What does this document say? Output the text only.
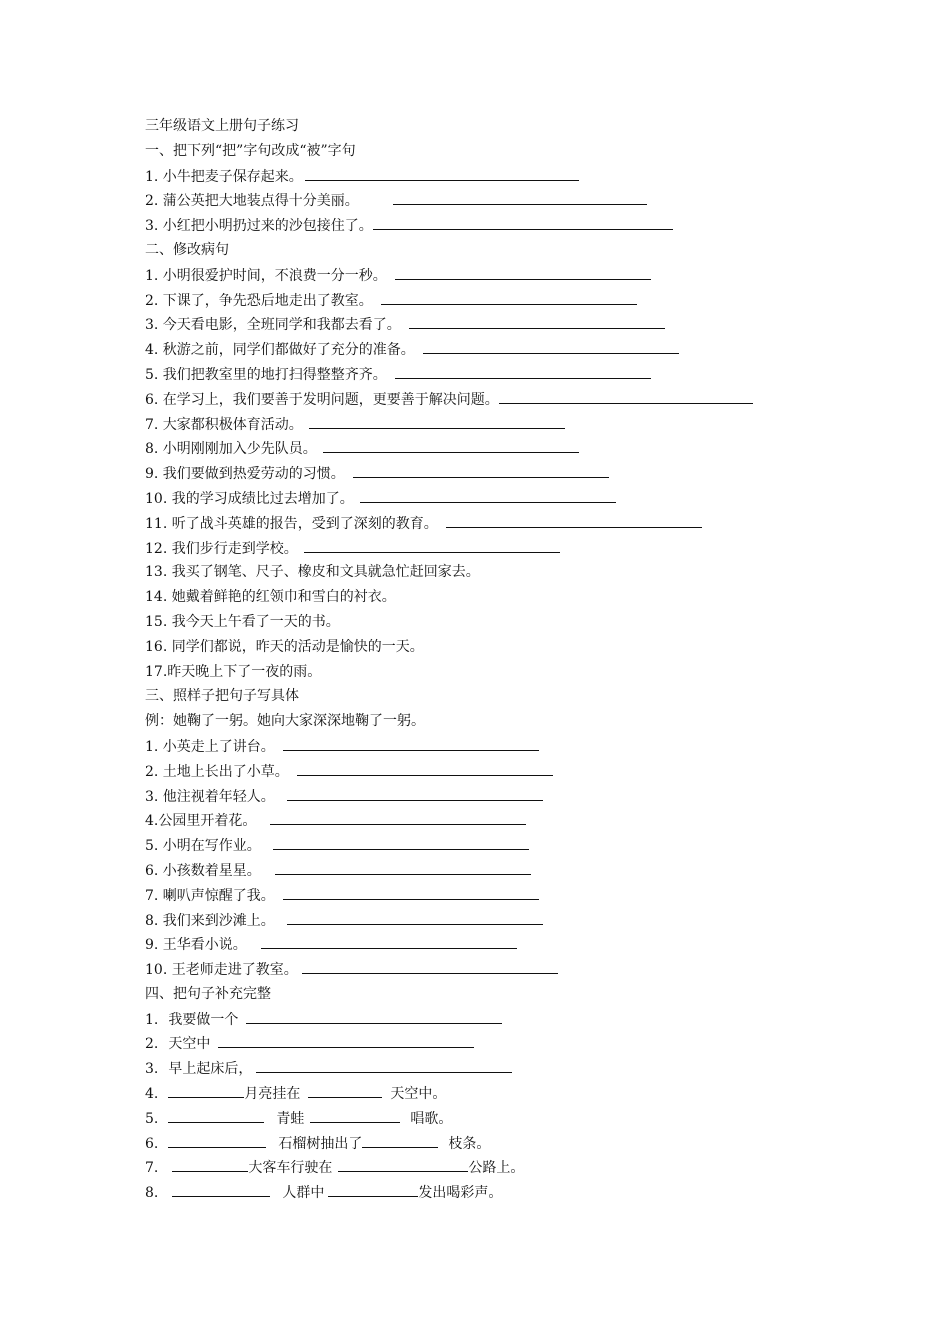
三年级语文上册句子练习
一、把下列“把”字句改成“被”字句
1. 小牛把麦子保存起来。
2. 蒲公英把大地装点得十分美丽。
3. 小红把小明扔过来的沙包接住了。
二、修改病句
1. 小明很爱护时间，不浪费一分一秒。
2. 下课了，争先恐后地走出了教室。
3. 今天看电影，全班同学和我都去看了。
4. 秋游之前，同学们都做好了充分的准备。
5. 我们把教室里的地打扫得整整齐齐。
6. 在学习上，我们要善于发明问题，更要善于解决问题。
7. 大家都积极体育活动。
8. 小明刚刚加入少先队员。
9. 我们要做到热爱劳动的习惯。
10. 我的学习成绩比过去增加了。
11. 听了战斗英雄的报告，受到了深刻的教育。
12. 我们步行走到学校。
13. 我买了钢笔、尺子、橡皮和文具就急忙赶回家去。
14. 她戴着鲜艳的红领巾和雪白的衬衣。
15. 我今天上午看了一天的书。
16. 同学们都说，昨天的活动是愉快的一天。
17.昨天晚上下了一夜的雨。
三、照样子把句子写具体
例：她鞠了一躬。她向大家深深地鞠了一躬。
1. 小英走上了讲台。
2. 土地上长出了小草。
3. 他注视着年轻人。
4.公园里开着花。
5. 小明在写作业。
6. 小孩数着星星。
7. 喇叭声惊醒了我。
8. 我们来到沙滩上。
9. 王华看小说。
10. 王老师走进了教室。
四、把句子补充完整
1. 我要做一个
2. 天空中
3. 早上起床后，
4.	月亮挂在	天空中。
5.	青蛙	唱歌。
6.	石榴树抽出了	枝条。
7.	大客车行驶在	公路上。
8.	人群中	发出喝彩声。
